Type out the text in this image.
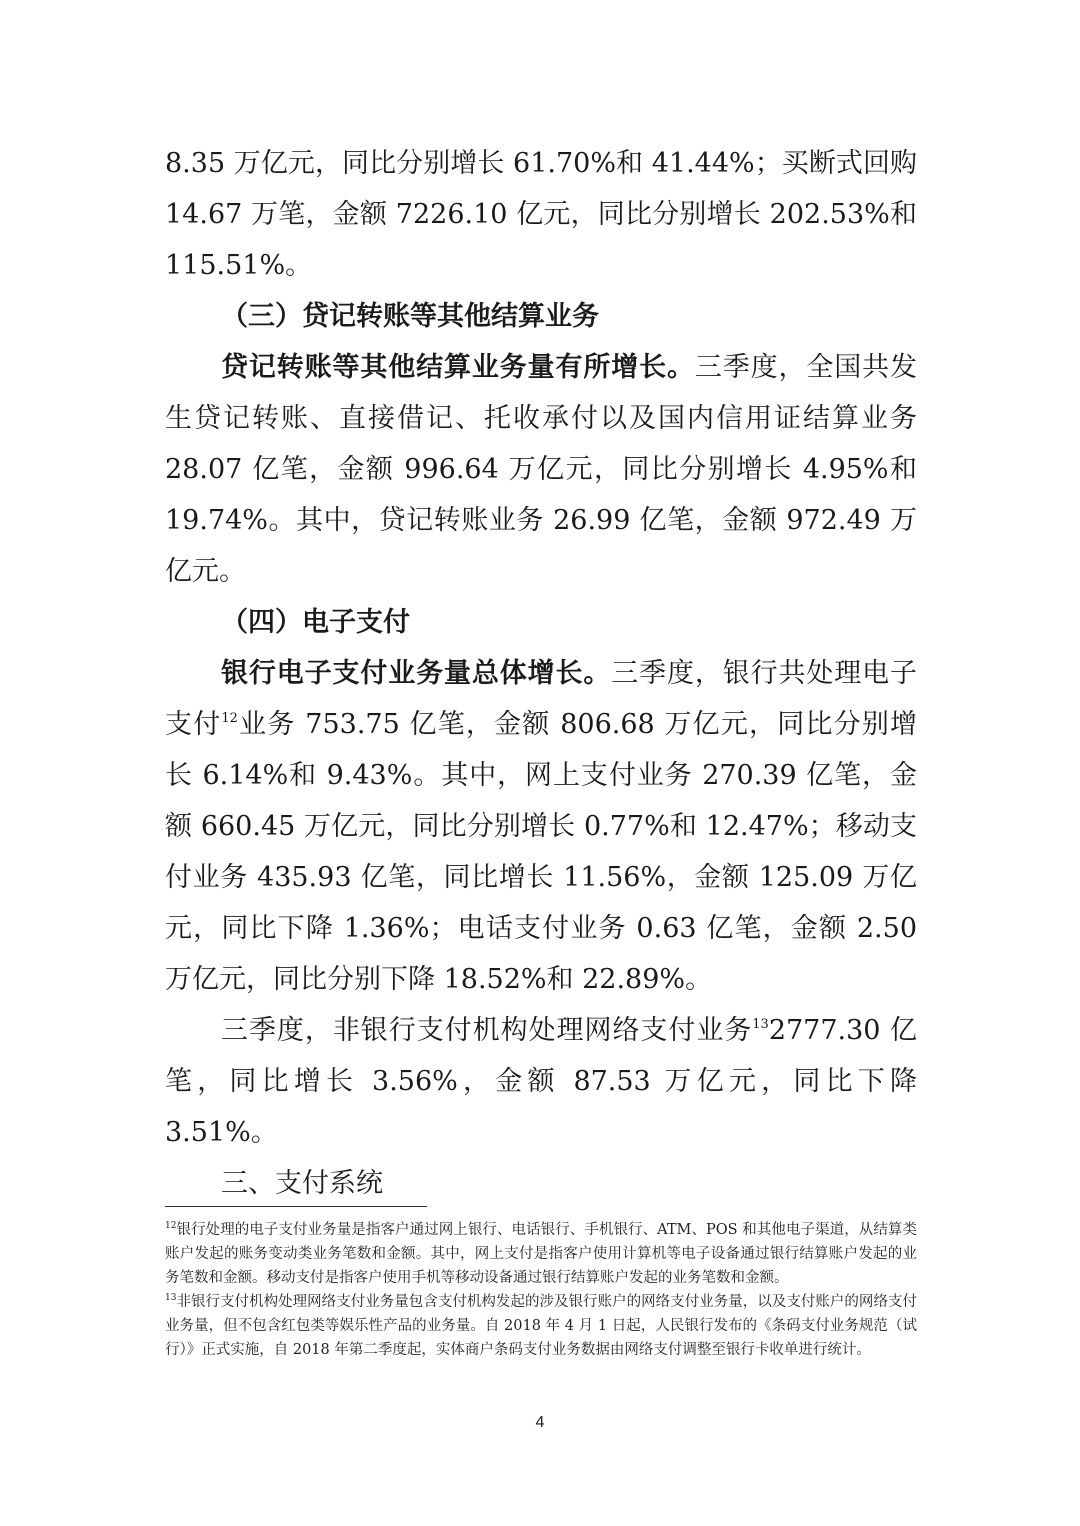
8.35 万亿元，同比分别增长 61.70%和 41.44%；买断式回购 14.67 万笔，金额 7226.10 亿元，同比分别增长 202.53%和 115.51%。

（三）贷记转账等其他结算业务

贷记转账等其他结算业务量有所增长。三季度，全国共发生贷记转账、直接借记、托收承付以及国内信用证结算业务 28.07 亿笔，金额 996.64 万亿元，同比分别增长 4.95%和 19.74%。其中，贷记转账业务 26.99 亿笔，金额 972.49 万亿元。

（四）电子支付

银行电子支付业务量总体增长。三季度，银行共处理电子支付$^{12}$业务 753.75 亿笔，金额 806.68 万亿元，同比分别增长 6.14%和 9.43%。其中，网上支付业务 270.39 亿笔，金额 660.45 万亿元，同比分别增长 0.77%和 12.47%；移动支付业务 435.93 亿笔，同比增长 11.56%，金额 125.09 万亿元，同比下降 1.36%；电话支付业务 0.63 亿笔，金额 2.50 万亿元，同比分别下降 18.52%和 22.89%。

三季度，非银行支付机构处理网络支付业务$^{13}$2777.30 亿笔，同比增长 3.56%，金额 87.53 万亿元，同比下降 3.51%。

三、支付系统

$^{12}$银行处理的电子支付业务量是指客户通过网上银行、电话银行、手机银行、ATM、POS 和其他电子渠道，从结算类账户发起的账务变动类业务笔数和金额。其中，网上支付是指客户使用计算机等电子设备通过银行结算账户发起的业务笔数和金额。移动支付是指客户使用手机等移动设备通过银行结算账户发起的业务笔数和金额。

$^{13}$非银行支付机构处理网络支付业务量包含支付机构发起的涉及银行账户的网络支付业务量，以及支付账户的网络支付业务量，但不包含红包类等娱乐性产品的业务量。自 2018 年 4 月 1 日起，人民银行发布的《条码支付业务规范（试行）》正式实施，自 2018 年第二季度起，实体商户条码支付业务数据由网络支付调整至银行卡收单进行统计。

4
